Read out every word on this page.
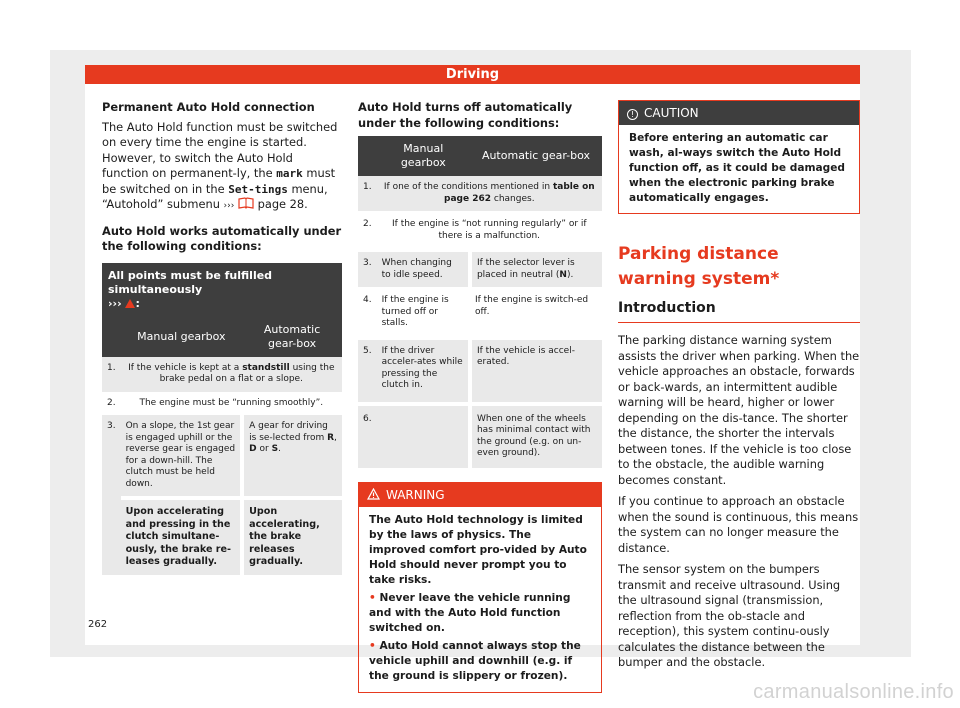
Driving
Permanent Auto Hold connection
The Auto Hold function must be switched on every time the engine is started. However, to switch the Auto Hold function on permanent-ly, the mark must be switched on in the Set-tings menu, “Autohold” submenu ››› page 28.
Auto Hold works automatically under the following conditions:
All points must be fulfilled simultaneously
››› :		
	Manual gearbox	Automatic gear-box
1.	If the vehicle is kept at a standstill using the brake pedal on a flat or a slope.	
2.	The engine must be “running smoothly”.	
3.	On a slope, the 1st gear is engaged uphill or the reverse gear is engaged for a down-hill. The clutch must be held down.	A gear for driving is se-lected from R, D or S.
	Upon accelerating and pressing in the clutch simultane-ously, the brake re-leases gradually.	Upon accelerating, the brake releases gradually.
Auto Hold turns off automatically under the following conditions:
	Manual gearbox	Automatic gear-box
1.	If one of the conditions mentioned in table on page 262 changes.	
2.	If the engine is “not running regularly” or if there is a malfunction.	
3.	When changing to idle speed.	If the selector lever is placed in neutral (N).
4.	If the engine is turned off or stalls.	If the engine is switch-ed off.
5.	If the driver acceler-ates while pressing the clutch in.	If the vehicle is accel-erated.
6.		When one of the wheels has minimal contact with the ground (e.g. on un-even ground).
WARNING
The Auto Hold technology is limited by the laws of physics. The improved comfort pro-vided by Auto Hold should never prompt you to take risks.
• Never leave the vehicle running and with the Auto Hold function switched on.
• Auto Hold cannot always stop the vehicle uphill and downhill (e.g. if the ground is slippery or frozen).
! CAUTION
Before entering an automatic car wash, al-ways switch the Auto Hold function off, as it could be damaged when the electronic parking brake automatically engages.
Parking distance warning system*
Introduction
The parking distance warning system assists the driver when parking. When the vehicle approaches an obstacle, forwards or back-wards, an intermittent audible warning will be heard, higher or lower depending on the dis-tance. The shorter the distance, the shorter the intervals between tones. If the vehicle is too close to the obstacle, the audible warning becomes constant.
If you continue to approach an obstacle when the sound is continuous, this means the system can no longer measure the distance.
The sensor system on the bumpers transmit and receive ultrasound. Using the ultrasound signal (transmission, reflection from the ob-stacle and reception), this system continu-ously calculates the distance between the bumper and the obstacle.
262
carmanualsonline.info
